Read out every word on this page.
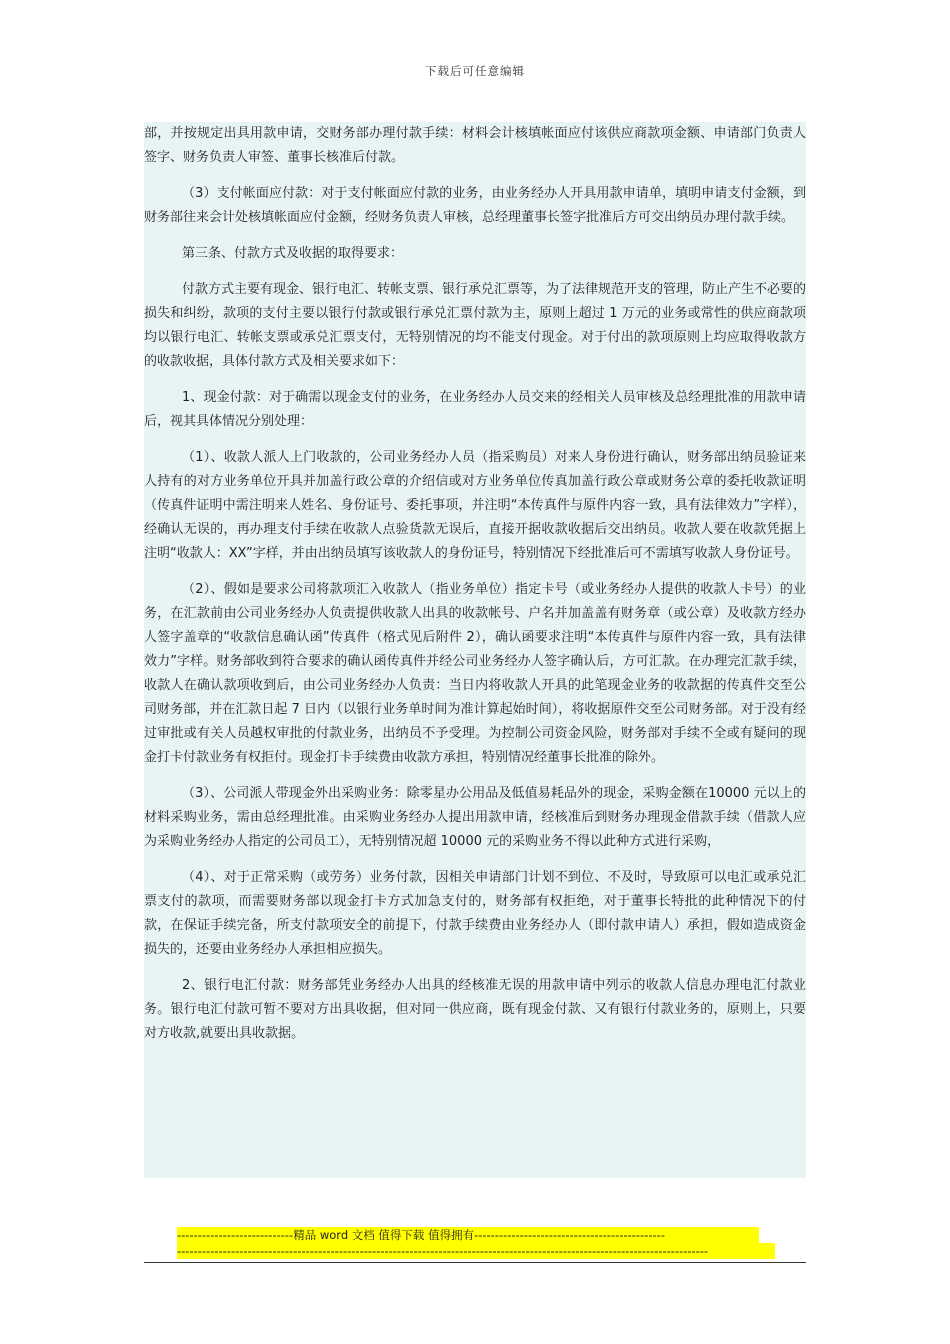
下载后可任意编辑

部，并按规定出具用款申请，交财务部办理付款手续：材料会计核填帐面应付该供应商款项金额、申请部门负责人签字、财务负责人审签、董事长核准后付款。

（3）支付帐面应付款：对于支付帐面应付款的业务，由业务经办人开具用款申请单，填明申请支付金额，到财务部往来会计处核填帐面应付金额，经财务负责人审核，总经理董事长签字批准后方可交出纳员办理付款手续。

第三条、付款方式及收据的取得要求：

付款方式主要有现金、银行电汇、转帐支票、银行承兑汇票等，为了法律规范开支的管理，防止产生不必要的损失和纠纷，款项的支付主要以银行付款或银行承兑汇票付款为主，原则上超过 1 万元的业务或常性的供应商款项均以银行电汇、转帐支票或承兑汇票支付，无特别情况的均不能支付现金。对于付出的款项原则上均应取得收款方的收款收据，具体付款方式及相关要求如下：

1、现金付款：对于确需以现金支付的业务，在业务经办人员交来的经相关人员审核及总经理批准的用款申请后，视其具体情况分别处理：

（1）、收款人派人上门收款的，公司业务经办人员（指采购员）对来人身份进行确认，财务部出纳员验证来人持有的对方业务单位开具并加盖行政公章的介绍信或对方业务单位传真加盖行政公章或财务公章的委托收款证明（传真件证明中需注明来人姓名、身份证号、委托事项，并注明“本传真件与原件内容一致，具有法律效力”字样），经确认无误的，再办理支付手续在收款人点验货款无误后，直接开据收款收据后交出纳员。收款人要在收款凭据上注明“收款人：XX”字样，并由出纳员填写该收款人的身份证号，特别情况下经批准后可不需填写收款人身份证号。

（2）、假如是要求公司将款项汇入收款人（指业务单位）指定卡号（或业务经办人提供的收款人卡号）的业务，在汇款前由公司业务经办人负责提供收款人出具的收款帐号、户名并加盖盖有财务章（或公章）及收款方经办人签字盖章的“收款信息确认函”传真件（格式见后附件 2），确认函要求注明“本传真件与原件内容一致，具有法律效力”字样。财务部收到符合要求的确认函传真件并经公司业务经办人签字确认后，方可汇款。在办理完汇款手续，收款人在确认款项收到后，由公司业务经办人负责：当日内将收款人开具的此笔现金业务的收款据的传真件交至公司财务部，并在汇款日起 7 日内（以银行业务单时间为准计算起始时间），将收据原件交至公司财务部。对于没有经过审批或有关人员越权审批的付款业务，出纳员不予受理。为控制公司资金风险，财务部对手续不全或有疑问的现金打卡付款业务有权拒付。现金打卡手续费由收款方承担，特别情况经董事长批准的除外。

（3）、公司派人带现金外出采购业务：除零星办公用品及低值易耗品外的现金，采购金额在10000 元以上的材料采购业务，需由总经理批准。由采购业务经办人提出用款申请，经核准后到财务办理现金借款手续（借款人应为采购业务经办人指定的公司员工），无特别情况超 10000 元的采购业务不得以此种方式进行采购，

（4）、对于正常采购（或劳务）业务付款，因相关申请部门计划不到位、不及时，导致原可以电汇或承兑汇票支付的款项，而需要财务部以现金打卡方式加急支付的，财务部有权拒绝，对于董事长特批的此种情况下的付款，在保证手续完备，所支付款项安全的前提下，付款手续费由业务经办人（即付款申请人）承担，假如造成资金损失的，还要由业务经办人承担相应损失。

2、银行电汇付款：财务部凭业务经办人出具的经核准无误的用款申请中列示的收款人信息办理电汇付款业务。银行电汇付款可暂不要对方出具收据，但对同一供应商，既有现金付款、又有银行付款业务的，原则上，只要对方收款,就要出具收款据。

----------------------------精品 word 文档 值得下载 值得拥有----------------------------------------------
--------------------------------------------------------------------------------------------------------------------------------
